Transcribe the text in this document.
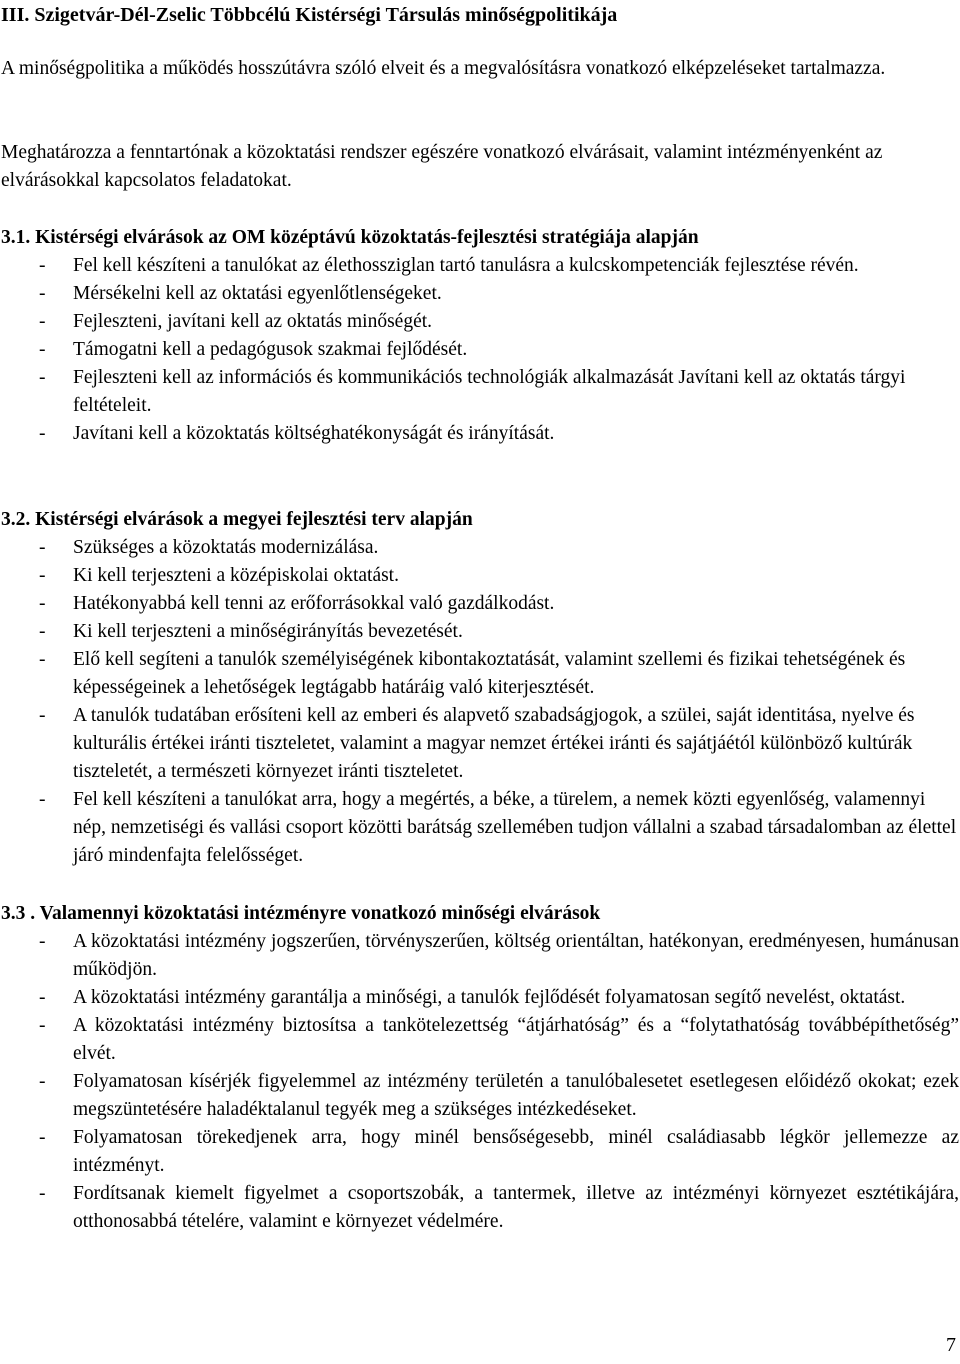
III. Szigetvár-Dél-Zselic Többcélú Kistérségi Társulás minőségpolitikája
A minőségpolitika a működés hosszútávra szóló elveit és a megvalósításra vonatkozó elképzeléseket tartalmazza.
Meghatározza a fenntartónak a közoktatási rendszer egészére vonatkozó elvárásait, valamint intézményenként az elvárásokkal kapcsolatos feladatokat.
3.1. Kistérségi elvárások az OM középtávú közoktatás-fejlesztési stratégiája alapján
- Fel kell készíteni a tanulókat az élethossziglan tartó tanulásra a kulcskompetenciák fejlesztése révén.
- Mérsékelni kell az oktatási egyenlőtlenségeket.
- Fejleszteni, javítani kell az oktatás minőségét.
- Támogatni kell a pedagógusok szakmai fejlődését.
- Fejleszteni kell az információs és kommunikációs technológiák alkalmazását Javítani kell az oktatás tárgyi feltételeit.
- Javítani kell a közoktatás költséghatékonyságát és irányítását.
3.2. Kistérségi elvárások a megyei fejlesztési terv alapján
- Szükséges a közoktatás modernizálása.
- Ki kell terjeszteni a középiskolai oktatást.
- Hatékonyabbá kell tenni az erőforrásokkal való gazdálkodást.
- Ki kell terjeszteni a minőségirányítás bevezetését.
- Elő kell segíteni a tanulók személyiségének kibontakoztatását, valamint szellemi és fizikai tehetségének és képességeinek a lehetőségek legtágabb határáig való kiterjesztését.
- A tanulók tudatában erősíteni kell az emberi és alapvető szabadságjogok, a szülei, saját identitása, nyelve és kulturális értékei iránti tiszteletet, valamint a magyar nemzet értékei iránti és sajátjáétól különböző kultúrák tiszteletét, a természeti környezet iránti tiszteletet.
- Fel kell készíteni a tanulókat arra, hogy a megértés, a béke, a türelem, a nemek közti egyenlőség, valamennyi nép, nemzetiségi és vallási csoport közötti barátság szellemében tudjon vállalni a szabad társadalomban az élettel járó mindenfajta felelősséget.
3.3 . Valamennyi közoktatási intézményre vonatkozó minőségi elvárások
- A közoktatási intézmény jogszerűen, törvényszerűen, költség orientáltan, hatékonyan, eredményesen, humánusan működjön.
- A közoktatási intézmény garantálja a minőségi, a tanulók fejlődését folyamatosan segítő nevelést, oktatást.
- A közoktatási intézmény biztosítsa a tankötelezettség “átjárhatóság” és a “folytathatóság továbbépíthetőség” elvét.
- Folyamatosan kísérjék figyelemmel az intézmény területén a tanulóbalesetet esetlegesen előidéző okokat; ezek megszüntetésére haladéktalanul tegyék meg a szükséges intézkedéseket.
- Folyamatosan törekedjenek arra, hogy minél bensőségesebb, minél családiasabb légkör jellemezze az intézményt.
- Fordítsanak kiemelt figyelmet a csoportszobák, a tantermek, illetve az intézményi környezet esztétikájára, otthonosabbá tételére, valamint e környezet védelmére.
7
